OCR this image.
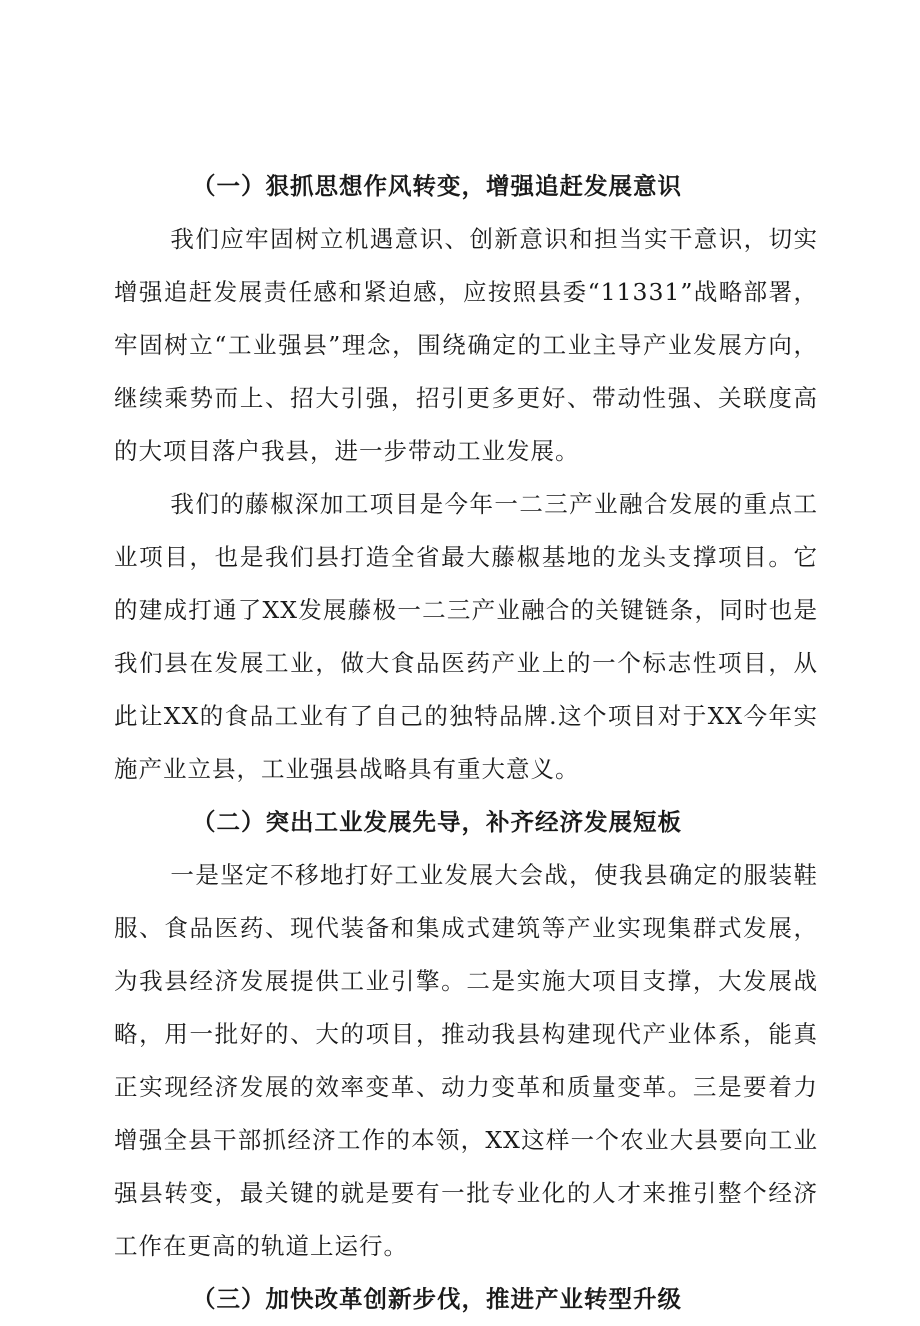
（一）狠抓思想作风转变，增强追赶发展意识

我们应牢固树立机遇意识、创新意识和担当实干意识，切实增强追赶发展责任感和紧迫感，应按照县委“11331”战略部署，牢固树立“工业强县”理念，围绕确定的工业主导产业发展方向，继续乘势而上、招大引强，招引更多更好、带动性强、关联度高的大项目落户我县，进一步带动工业发展。

我们的藤椒深加工项目是今年一二三产业融合发展的重点工业项目，也是我们县打造全省最大藤椒基地的龙头支撑项目。它的建成打通了XX发展藤极一二三产业融合的关键链条，同时也是我们县在发展工业，做大食品医药产业上的一个标志性项目，从此让XX的食品工业有了自己的独特品牌.这个项目对于XX今年实施产业立县，工业强县战略具有重大意义。

（二）突出工业发展先导，补齐经济发展短板

一是坚定不移地打好工业发展大会战，使我县确定的服装鞋服、食品医药、现代装备和集成式建筑等产业实现集群式发展，为我县经济发展提供工业引擎。二是实施大项目支撑，大发展战略，用一批好的、大的项目，推动我县构建现代产业体系，能真正实现经济发展的效率变革、动力变革和质量变革。三是要着力增强全县干部抓经济工作的本领，XX这样一个农业大县要向工业强县转变，最关键的就是要有一批专业化的人才来推引整个经济工作在更高的轨道上运行。

（三）加快改革创新步伐，推进产业转型升级
